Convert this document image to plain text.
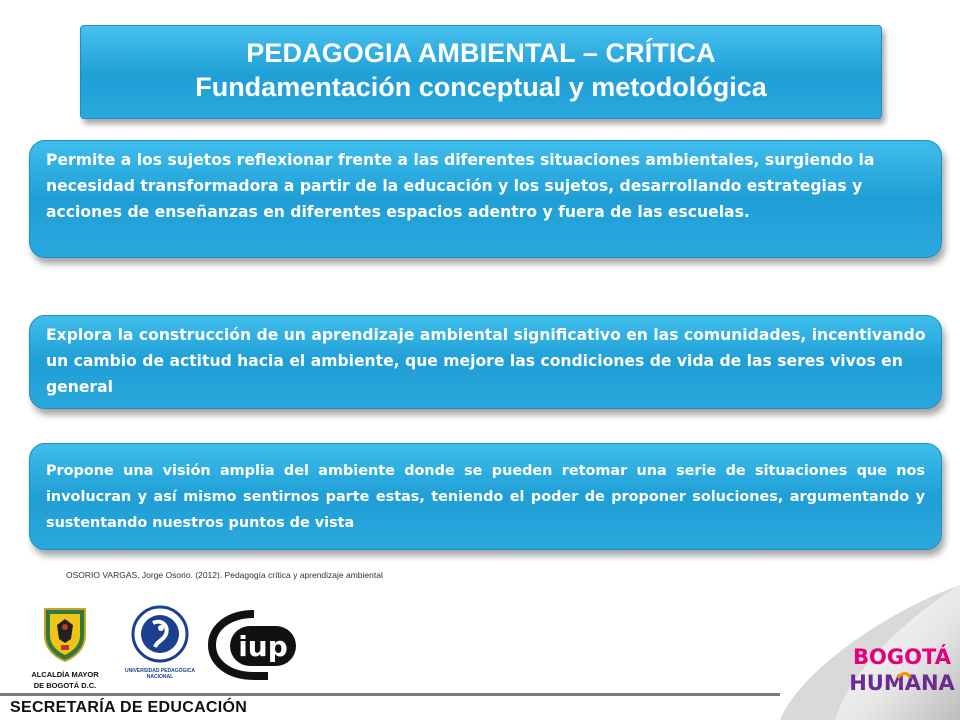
PEDAGOGIA AMBIENTAL – CRÍTICA
Fundamentación conceptual y metodológica
Permite a los sujetos reflexionar frente a las diferentes situaciones ambientales, surgiendo la necesidad transformadora a partir de la educación y los sujetos, desarrollando estrategias y acciones de enseñanzas en diferentes espacios adentro y fuera de las escuelas.
Explora la construcción de un aprendizaje ambiental significativo en las comunidades, incentivando un cambio de actitud hacia el ambiente, que mejore las condiciones de vida de las seres vivos en general
Propone una visión amplia del ambiente donde se pueden retomar una serie de situaciones que nos involucran y así mismo sentirnos parte estas, teniendo el poder de proponer soluciones, argumentando y sustentando nuestros puntos de vista
OSORIO VARGAS, Jorge Osorio. (2012). Pedagogía crítica y aprendizaje ambiental
ALCALDÍA MAYOR
DE BOGOTÁ D.C.
UNIVERSIDAD PEDAGÓGICA
NACIONAL
iup
SECRETARÍA DE EDUCACIÓN
BOGOTÁ
HUMANA
